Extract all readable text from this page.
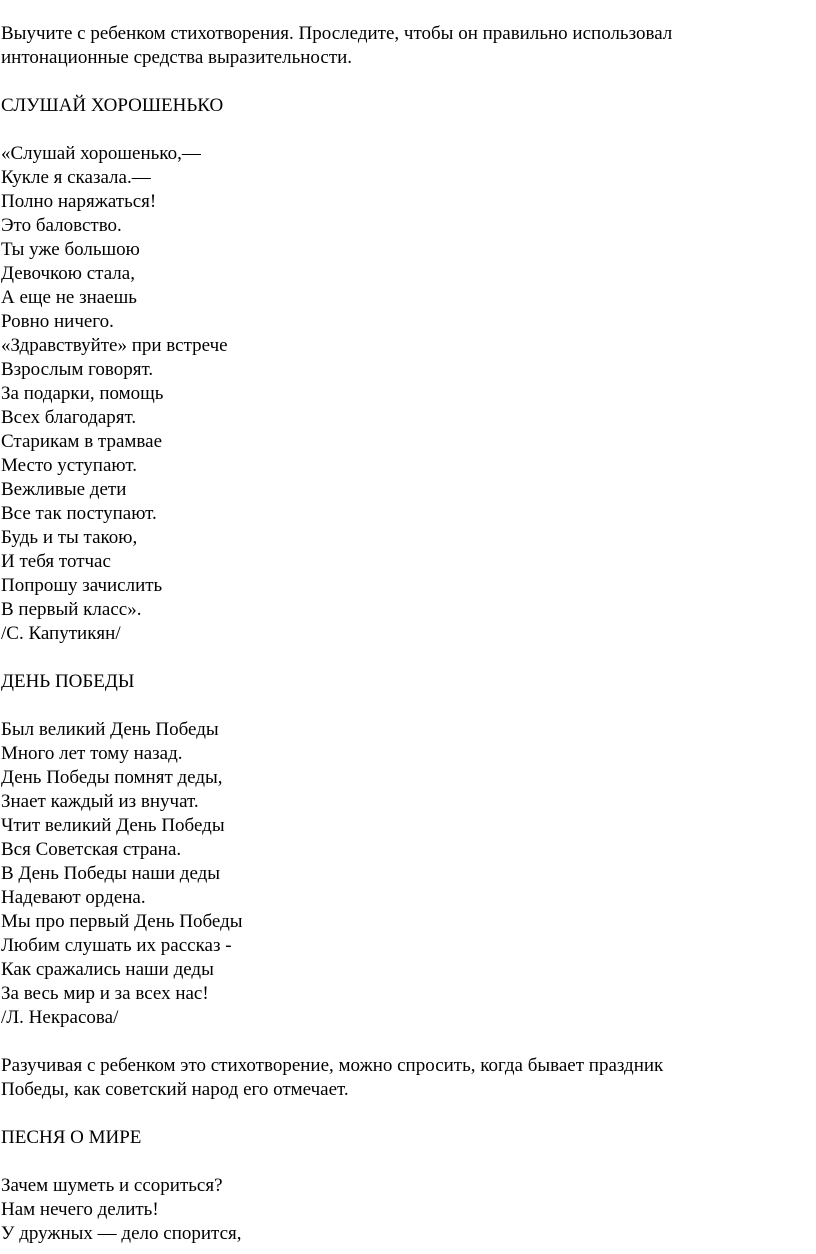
Выучите с ребенком стихотворения. Проследите, чтобы он правильно использовал
интонационные средства выразительности.
СЛУШАЙ ХОРОШЕНЬКО
«Слушай хорошенько,—
Кукле я сказала.—
Полно наряжаться!
Это баловство.
Ты уже большою
Девочкою стала,
А еще не знаешь
Ровно ничего.
«Здравствуйте» при встрече
Взрослым говорят.
За подарки, помощь
Всех благодарят.
Старикам в трамвае
Место уступают.
Вежливые дети
Все так поступают.
Будь и ты такою,
И тебя тотчас
Попрошу зачислить
В первый класс».
/С. Капутикян/
ДЕНЬ ПОБЕДЫ
Был великий День Победы
Много лет тому назад.
День Победы помнят деды,
Знает каждый из внучат.
Чтит великий День Победы
Вся Советская страна.
В День Победы наши деды
Надевают ордена.
Мы про первый День Победы
Любим слушать их рассказ -
Как сражались наши деды
За весь мир и за всех нас!
/Л. Некрасова/
Разучивая с ребенком это стихотворение, можно спросить, когда бывает праздник
Победы, как советский народ его отмечает.
ПЕСНЯ О МИРЕ
Зачем шуметь и ссориться?
Нам нечего делить!
У дружных — дело спорится,
